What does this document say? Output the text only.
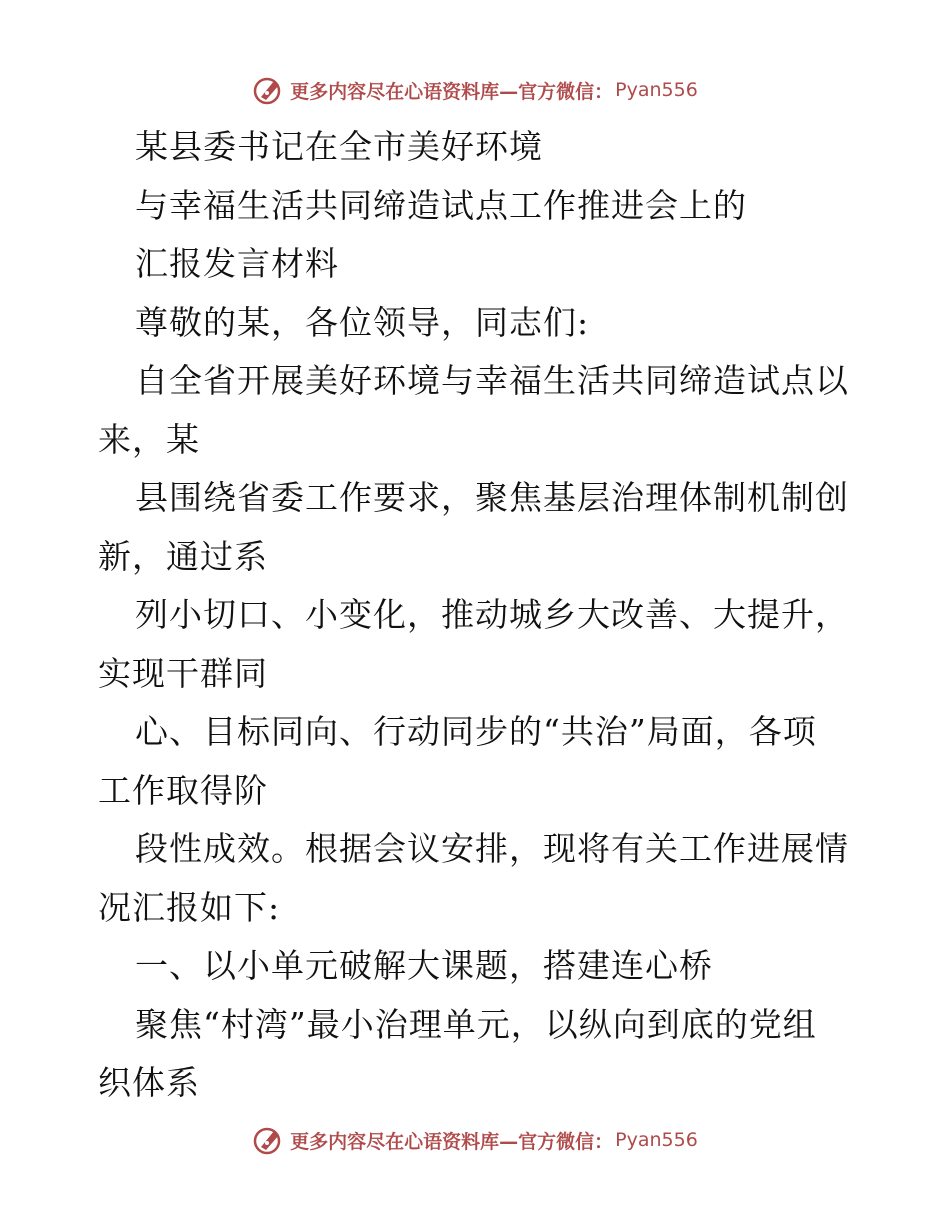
更多内容尽在心语资料库—官方微信： Pyan556
某县委书记在全市美好环境
与幸福生活共同缔造试点工作推进会上的
汇报发言材料
尊敬的某，各位领导，同志们:
自全省开展美好环境与幸福生活共同缔造试点以
来，某
县围绕省委工作要求，聚焦基层治理体制机制创
新，通过系
列小切口、小变化，推动城乡大改善、大提升，
实现干群同
心、目标同向、行动同步的“共治”局面，各项
工作取得阶
段性成效。根据会议安排，现将有关工作进展情
况汇报如下:
一、以小单元破解大课题，搭建连心桥
聚焦“村湾”最小治理单元，以纵向到底的党组
织体系
更多内容尽在心语资料库—官方微信： Pyan556
